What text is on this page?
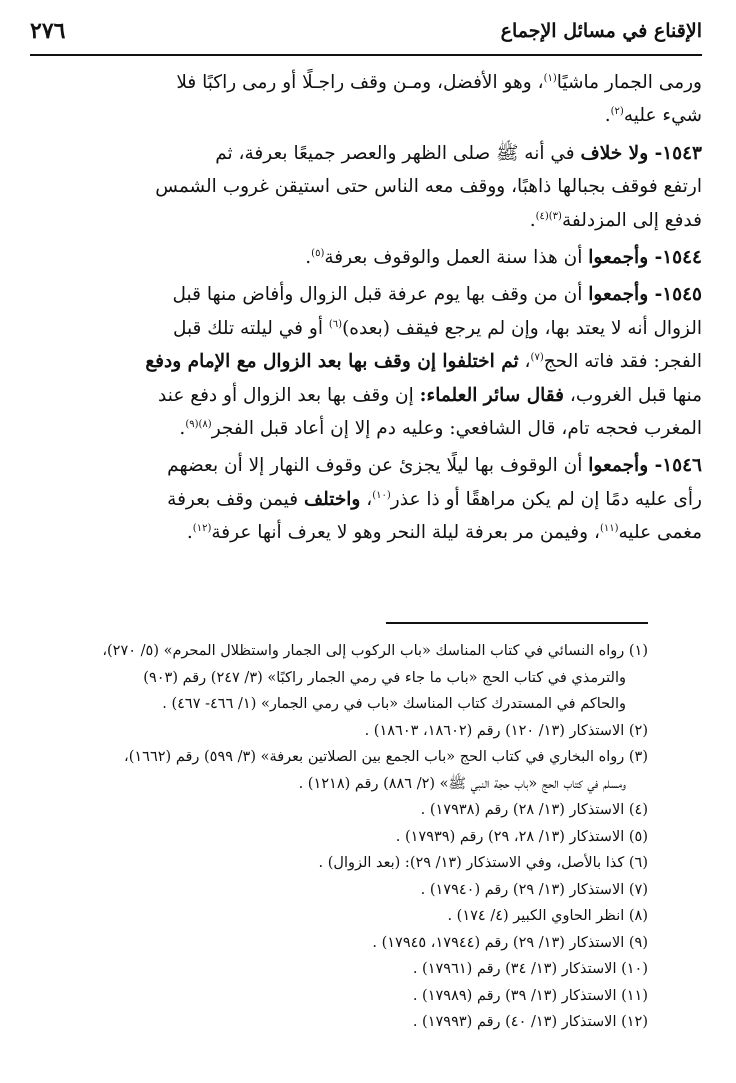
٢٧٦	الإقناع في مسائل الإجماع

ورمى الجمار ماشيًا$^{(١)}$، وهو الأفضل، ومـن وقف راجـلًا أو رمى راكبًا فلا
شيء عليه$^{(٢)}$.

١٥٤٣- ولا خلاف في أنه ﷺ صلى الظهر والعصر جميعًا بعرفة، ثم
ارتفع فوقف بجبالها ذاهبًا، ووقف معه الناس حتى استيقن غروب الشمس
فدفع إلى المزدلفة$^{(٣)(٤)}$.

١٥٤٤- وأجمعوا أن هذا سنة العمل والوقوف بعرفة$^{(٥)}$.

١٥٤٥- وأجمعوا أن من وقف بها يوم عرفة قبل الزوال وأفاض منها قبل
الزوال أنه لا يعتد بها، وإن لم يرجع فيقف (بعده)$^{(٦)}$ أو في ليلته تلك قبل
الفجر: فقد فاته الحج$^{(٧)}$، ثم اختلفوا إن وقف بها بعد الزوال مع الإمام ودفع
منها قبل الغروب، فقال سائر العلماء: إن وقف بها بعد الزوال أو دفع عند
المغرب فحجه تام، قال الشافعي: وعليه دم إلا إن أعاد قبل الفجر$^{(٨)(٩)}$.

١٥٤٦- وأجمعوا أن الوقوف بها ليلًا يجزئ عن وقوف النهار إلا أن بعضهم
رأى عليه دمًا إن لم يكن مراهقًا أو ذا عذر$^{(١٠)}$، واختلف فيمن وقف بعرفة
مغمى عليه$^{(١١)}$، وفيمن مر بعرفة ليلة النحر وهو لا يعرف أنها عرفة$^{(١٢)}$.

(١) رواه النسائي في كتاب المناسك «باب الركوب إلى الجمار واستظلال المحرم» (٥/ ٢٧٠)،
والترمذي في كتاب الحج «باب ما جاء في رمي الجمار راكبًا» (٣/ ٢٤٧) رقم (٩٠٣)
والحاكم في المستدرك كتاب المناسك «باب في رمي الجمار» (١/ ٤٦٦- ٤٦٧) .
(٢) الاستذكار (١٣/ ١٢٠) رقم (١٨٦٠٢، ١٨٦٠٣) .
(٣) رواه البخاري في كتاب الحج «باب الجمع بين الصلاتين بعرفة» (٣/ ٥٩٩) رقم (١٦٦٢)،
ومسلم في كتاب الحج «باب حجة النبي ﷺ» (٢/ ٨٨٦) رقم (١٢١٨) .
(٤) الاستذكار (١٣/ ٢٨) رقم (١٧٩٣٨) .
(٥) الاستذكار (١٣/ ٢٨، ٢٩) رقم (١٧٩٣٩) .
(٦) كذا بالأصل، وفي الاستذكار (١٣/ ٢٩): (بعد الزوال) .
(٧) الاستذكار (١٣/ ٢٩) رقم (١٧٩٤٠) .
(٨) انظر الحاوي الكبير (٤/ ١٧٤) .
(٩) الاستذكار (١٣/ ٢٩) رقم (١٧٩٤٤، ١٧٩٤٥) .
(١٠) الاستذكار (١٣/ ٣٤) رقم (١٧٩٦١) .
(١١) الاستذكار (١٣/ ٣٩) رقم (١٧٩٨٩) .
(١٢) الاستذكار (١٣/ ٤٠) رقم (١٧٩٩٣) .
